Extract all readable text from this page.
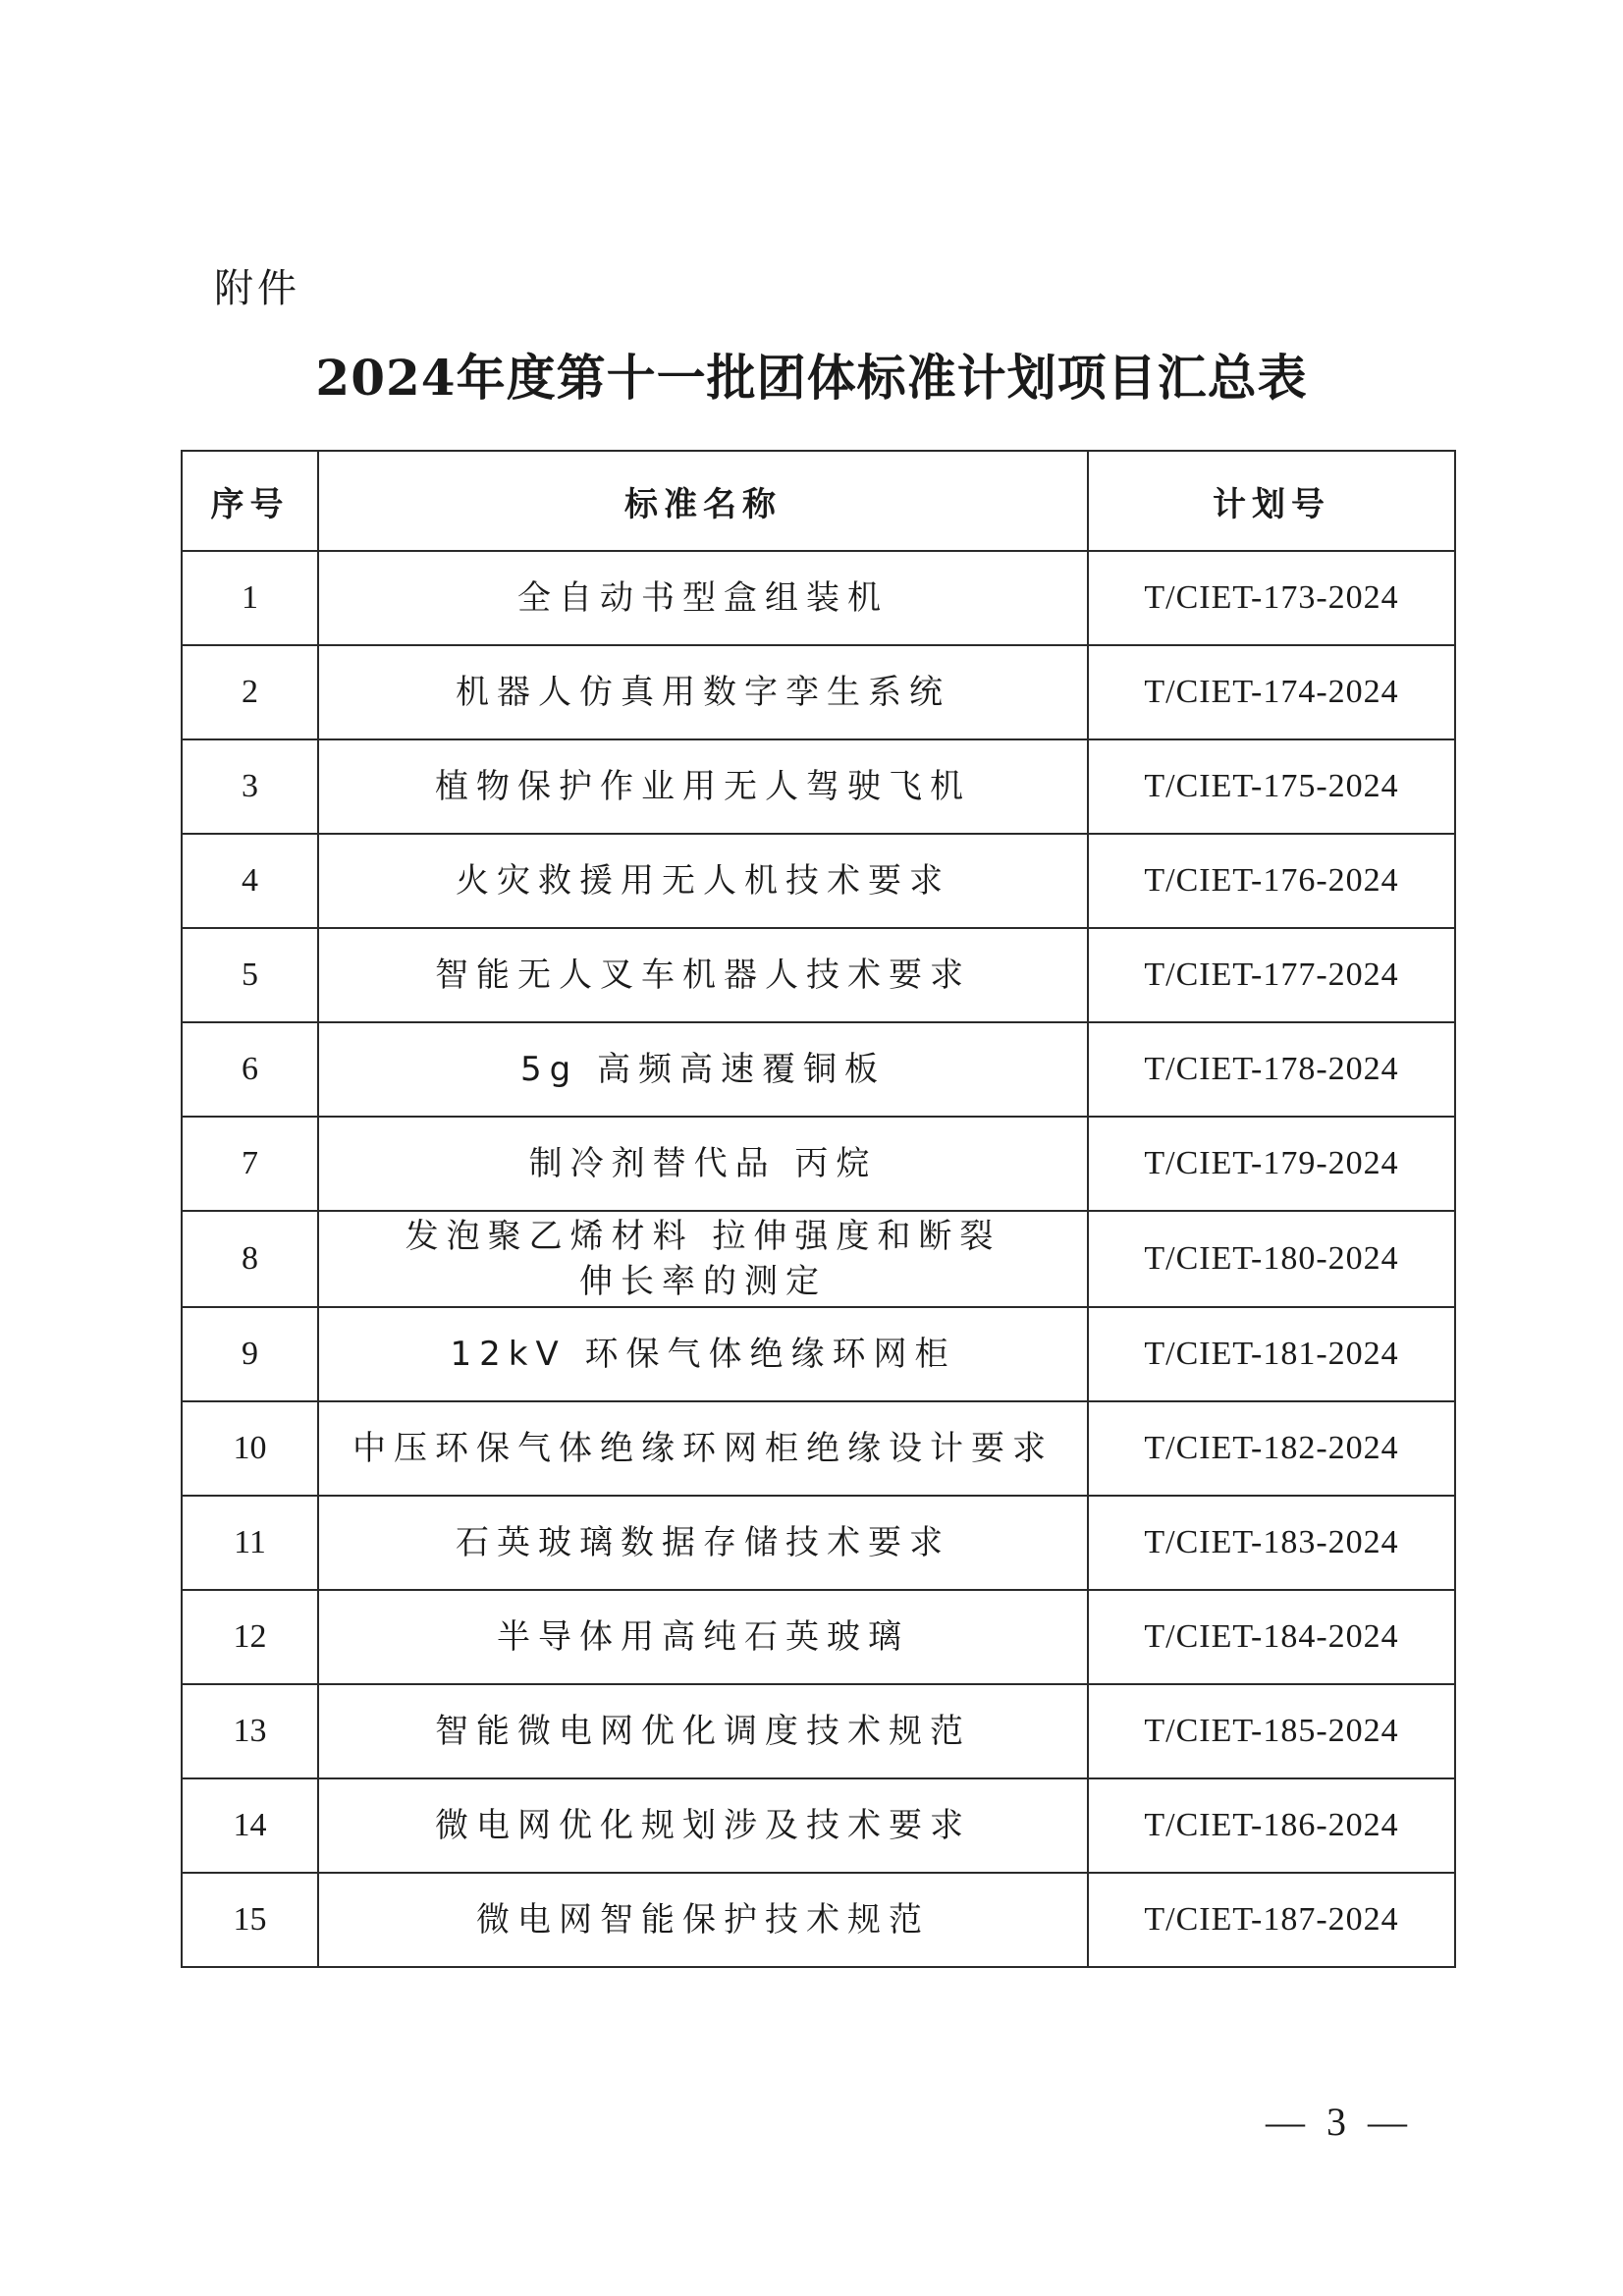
附件
2024年度第十一批团体标准计划项目汇总表
序号	标准名称	计划号
1	全自动书型盒组装机	T/CIET-173-2024
2	机器人仿真用数字孪生系统	T/CIET-174-2024
3	植物保护作业用无人驾驶飞机	T/CIET-175-2024
4	火灾救援用无人机技术要求	T/CIET-176-2024
5	智能无人叉车机器人技术要求	T/CIET-177-2024
6	5g 高频高速覆铜板	T/CIET-178-2024
7	制冷剂替代品 丙烷	T/CIET-179-2024
8	发泡聚乙烯材料 拉伸强度和断裂
伸长率的测定	T/CIET-180-2024
9	12kV 环保气体绝缘环网柜	T/CIET-181-2024
10	中压环保气体绝缘环网柜绝缘设计要求	T/CIET-182-2024
11	石英玻璃数据存储技术要求	T/CIET-183-2024
12	半导体用高纯石英玻璃	T/CIET-184-2024
13	智能微电网优化调度技术规范	T/CIET-185-2024
14	微电网优化规划涉及技术要求	T/CIET-186-2024
15	微电网智能保护技术规范	T/CIET-187-2024
— 3 —
